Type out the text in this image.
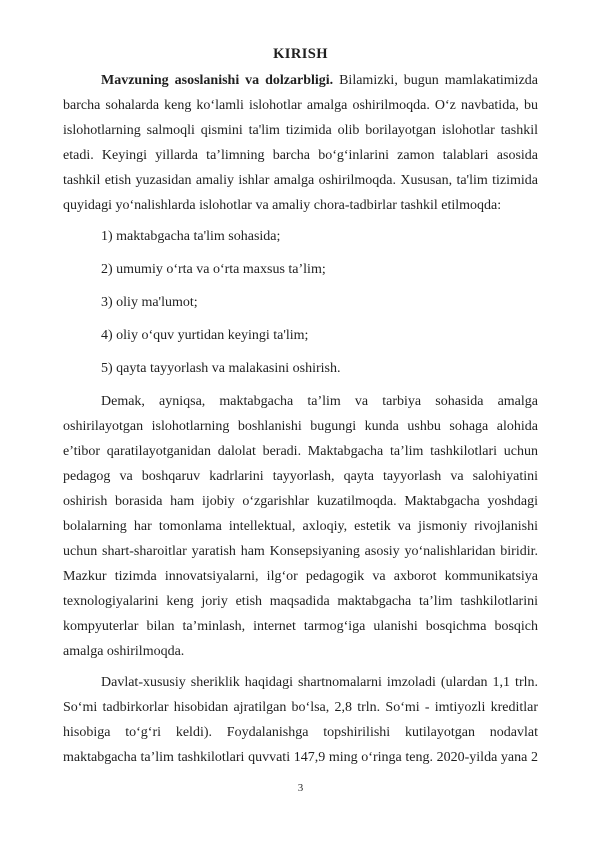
KIRISH

Mavzuning asoslanishi va dolzarbligi. Bilamizki, bugun mamlakatimizda barcha sohalarda keng ko‘lamli islohotlar amalga oshirilmoqda. O‘z navbatida, bu islohotlarning salmoqli qismini ta'lim tizimida olib borilayotgan islohotlar tashkil etadi. Keyingi yillarda ta’limning barcha bo‘g‘inlarini zamon talablari asosida tashkil etish yuzasidan amaliy ishlar amalga oshirilmoqda. Xususan, ta'lim tizimida quyidagi yo‘nalishlarda islohotlar va amaliy chora-tadbirlar tashkil etilmoqda:

1) maktabgacha ta'lim sohasida;

2) umumiy o‘rta va o‘rta maxsus ta’lim;

3) oliy ma'lumot;

4) oliy o‘quv yurtidan keyingi ta'lim;

5) qayta tayyorlash va malakasini oshirish.

Demak, ayniqsa, maktabgacha ta’lim va tarbiya sohasida amalga oshirilayotgan islohotlarning boshlanishi bugungi kunda ushbu sohaga alohida e’tibor qaratilayotganidan dalolat beradi. Maktabgacha ta’lim tashkilotlari uchun pedagog va boshqaruv kadrlarini tayyorlash, qayta tayyorlash va salohiyatini oshirish borasida ham ijobiy o‘zgarishlar kuzatilmoqda. Maktabgacha yoshdagi bolalarning har tomonlama intellektual, axloqiy, estetik va jismoniy rivojlanishi uchun shart-sharoitlar yaratish ham Konsepsiyaning asosiy yo‘nalishlaridan biridir. Mazkur tizimda innovatsiyalarni, ilg‘or pedagogik va axborot kommunikatsiya texnologiyalarini keng joriy etish maqsadida maktabgacha ta’lim tashkilotlarini kompyuterlar bilan ta’minlash, internet tarmog‘iga ulanishi bosqichma bosqich amalga oshirilmoqda.

Davlat-xususiy sheriklik haqidagi shartnomalarni imzoladi (ulardan 1,1 trln. So‘mi tadbirkorlar hisobidan ajratilgan bo‘lsa, 2,8 trln. So‘mi - imtiyozli kreditlar hisobiga to‘g‘ri keldi). Foydalanishga topshirilishi kutilayotgan nodavlat maktabgacha ta’lim tashkilotlari quvvati 147,9 ming o‘ringa teng. 2020-yilda yana 2

3
